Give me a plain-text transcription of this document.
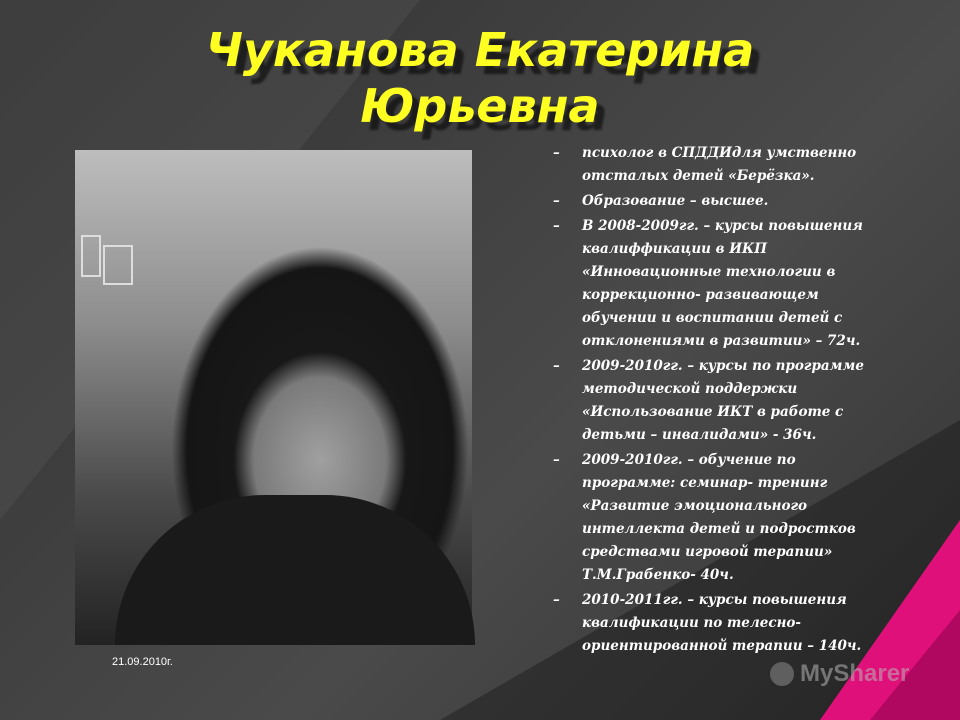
Чуканова Екатерина
Юрьевна
– психолог в СПДДИдля умственно отсталых детей «Берёзка».
– Образование – высшее.
– В 2008-2009гг. – курсы повышения квалиффикации в ИКП «Инновационные технологии в коррекционно- развивающем обучении и воспитании детей с отклонениями в развитии» – 72ч.
– 2009-2010гг. – курсы по программе методической поддержки «Использование ИКТ в работе с детьми – инвалидами» - 36ч.
– 2009-2010гг. – обучение по программе: семинар- тренинг «Развитие эмоционального интеллекта детей и подростков средствами игровой терапии» Т.М.Грабенко- 40ч.
– 2010-2011гг. – курсы повышения квалификации по телесно-ориентированной терапии – 140ч.
21.09.2010г.	MySharer
